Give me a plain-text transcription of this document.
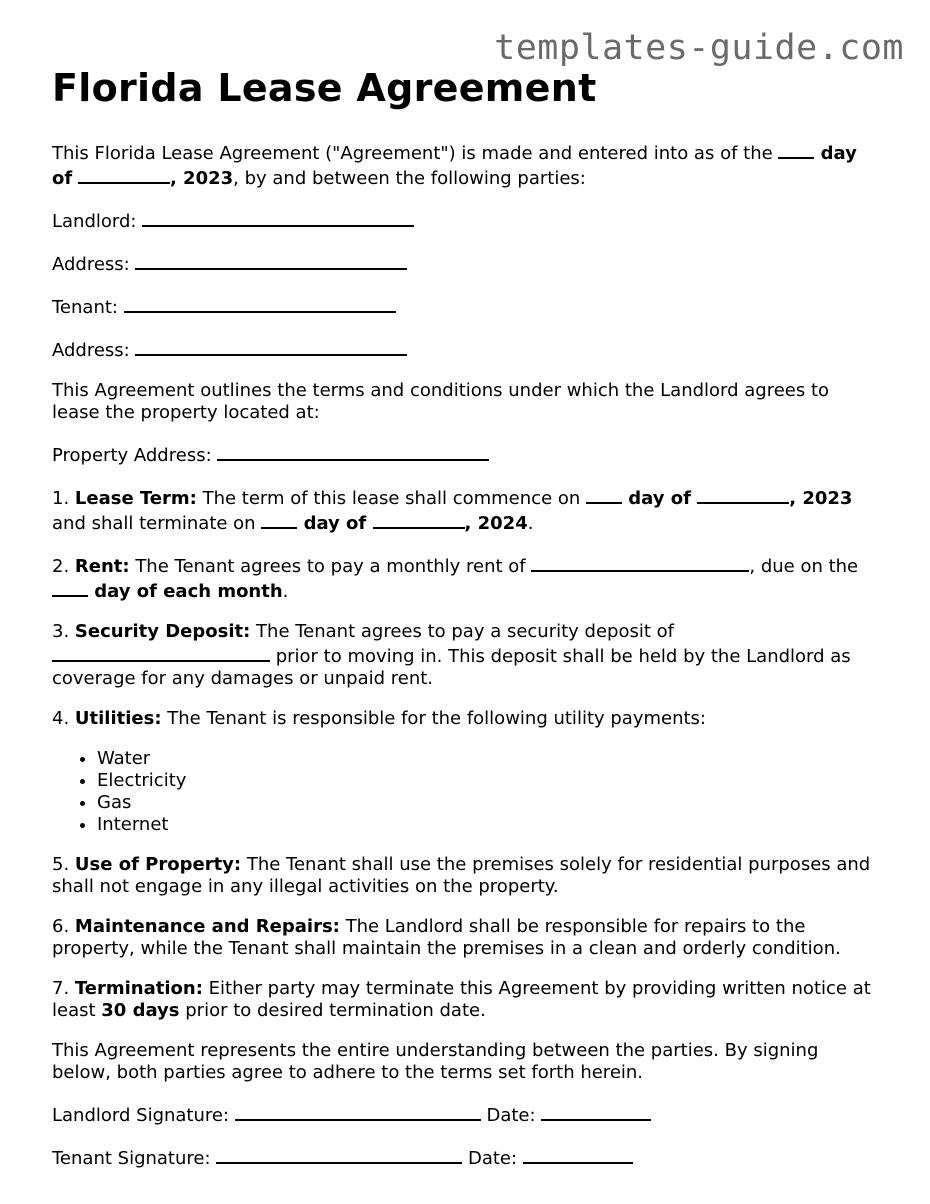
templates-guide.com
Florida Lease Agreement

This Florida Lease Agreement ("Agreement") is made and entered into as of the  day
of	, 2023, by and between the following parties:

Landlord:

Address:

Tenant:

Address:

This Agreement outlines the terms and conditions under which the Landlord agrees to lease the property located at:

Property Address:

1. Lease Term: The term of this lease shall commence on  day of	, 2023
and shall terminate on  day of	, 2024.

2. Rent: The Tenant agrees to pay a monthly rent of	, due on the
day of each month.

3. Security Deposit: The Tenant agrees to pay a security deposit of
prior to moving in. This deposit shall be held by the Landlord as coverage for any damages or unpaid rent.

4. Utilities: The Tenant is responsible for the following utility payments:

• Water
• Electricity
• Gas
• Internet

5. Use of Property: The Tenant shall use the premises solely for residential purposes and shall not engage in any illegal activities on the property.

6. Maintenance and Repairs: The Landlord shall be responsible for repairs to the property, while the Tenant shall maintain the premises in a clean and orderly condition.

7. Termination: Either party may terminate this Agreement by providing written notice at least 30 days prior to desired termination date.

This Agreement represents the entire understanding between the parties. By signing below, both parties agree to adhere to the terms set forth herein.

Landlord Signature:	Date:

Tenant Signature:	Date:
